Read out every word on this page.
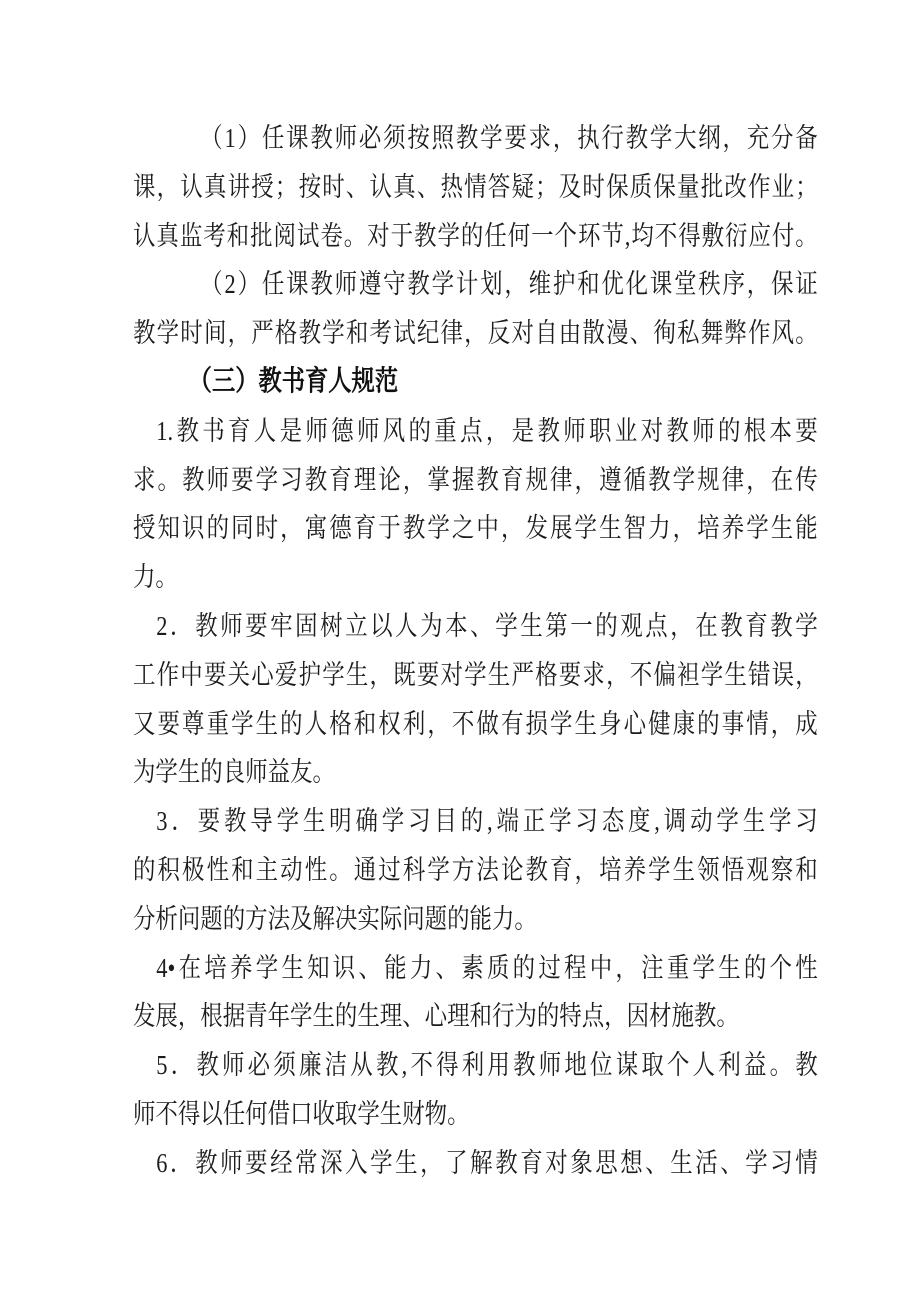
（1）任课教师必须按照教学要求，执行教学大纲，充分备
课，认真讲授；按时、认真、热情答疑；及时保质保量批改作业；
认真监考和批阅试卷。对于教学的任何一个环节,均不得敷衍应付。
（2）任课教师遵守教学计划，维护和优化课堂秩序，保证
教学时间，严格教学和考试纪律，反对自由散漫、徇私舞弊作风。
（三）教书育人规范
1.教书育人是师德师风的重点，是教师职业对教师的根本要
求。教师要学习教育理论，掌握教育规律，遵循教学规律，在传
授知识的同时，寓德育于教学之中，发展学生智力，培养学生能
力。
2．教师要牢固树立以人为本、学生第一的观点，在教育教学
工作中要关心爱护学生，既要对学生严格要求，不偏袒学生错误，
又要尊重学生的人格和权利，不做有损学生身心健康的事情，成
为学生的良师益友。
3．要教导学生明确学习目的,端正学习态度,调动学生学习
的积极性和主动性。通过科学方法论教育，培养学生领悟观察和
分析问题的方法及解决实际问题的能力。
4•在培养学生知识、能力、素质的过程中，注重学生的个性
发展，根据青年学生的生理、心理和行为的特点，因材施教。
5．教师必须廉洁从教,不得利用教师地位谋取个人利益。教
师不得以任何借口收取学生财物。
6．教师要经常深入学生，了解教育对象思想、生活、学习情
